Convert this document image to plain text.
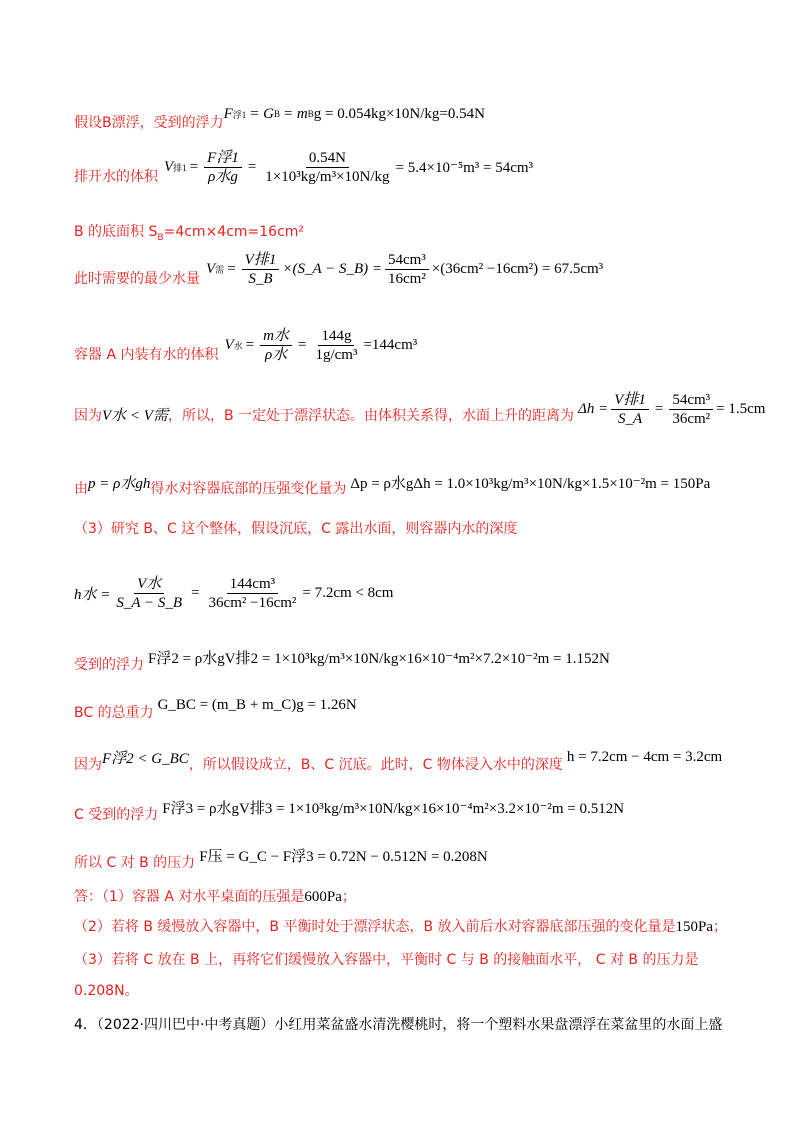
假设B漂浮，受到的浮力
F 浮1 = G B = m B g = 0.054kg×10N/kg=0.54N
排开水的体积
V 排$1 = \frac{\text{F浮1}}{\text{ρ水g}} = \frac{0.54N}{\text{1×10³kg/m³×10N/kg}} = 5.4\times 10^{-5}m^3 = 54cm^3$
B 的底面积 $S_B=4cm\times 4cm=16cm^2$
此时需要的最少水量
V 需 = $\frac{\text{V排1}}{S\_B}$ ×(S_A − S_B) = $\frac{\text{54cm³}}{\text{16cm²}} \times(36cm^2 -16cm^2) = 67.5cm^3$
容器 A 内装有水的体积
V 水 = $\frac{\text{m水}}{\text{ρ水}} = \frac{144g}{\text{1g/cm³}} =144cm^3$
因为 V水 < V需 ，所以，B 一定处于漂浮状态。由体积关系得，水面上升的距离为 $\Delta h = \frac{\text{V排1}}{S\_A} = \frac{\text{54cm³}}{\text{36cm²}} = 1.5cm$
由 p = ρ水gh 得水对容器底部的压强变化量为 Δp = ρ水gΔh = 1.0×10³kg/m³×10N/kg×1.5×10⁻²m = 150Pa
（3）研究 B、C 这个整体，假设沉底，C 露出水面，则容器内水的深度
h水 = $\frac{\text{V水}}{S\_A - S\_B} = \frac{\text{144cm³}}{\text{36cm² −16cm²}} = 7.2cm < 8cm$
受到的浮力 F浮2 = ρ水gV排2 = 1×10³kg/m³×10N/kg×16×10⁻⁴m²×7.2×10⁻²m = 1.152N
BC 的总重力
G_BC = (m_B + m_C)g = 1.26N
因为 F浮2 < G_BC ，所以假设成立，B、C 沉底。此时，C 物体浸入水中的深度
h = 7.2cm − 4cm = 3.2cm
C 受到的浮力 F浮3 = ρ水gV排3 = 1×10³kg/m³×10N/kg×16×10⁻⁴m²×3.2×10⁻²m = 0.512N
所以 C 对 B 的压力 F压 = G_C − F浮3 = 0.72N − 0.512N = 0.208N
答：（1）容器 A 对水平桌面的压强是600Pa；
（2）若将 B 缓慢放入容器中，B 平衡时处于漂浮状态，B 放入前后水对容器底部压强的变化量是150Pa；
（3）若将 C 放在 B 上，再将它们缓慢放入容器中，平衡时 C 与 B 的接触面水平， C 对 B 的压力是
0.208N。
4．（2022·四川巴中·中考真题）小红用菜盆盛水清洗樱桃时，将一个塑料水果盘漂浮在菜盆里的水面上盛
